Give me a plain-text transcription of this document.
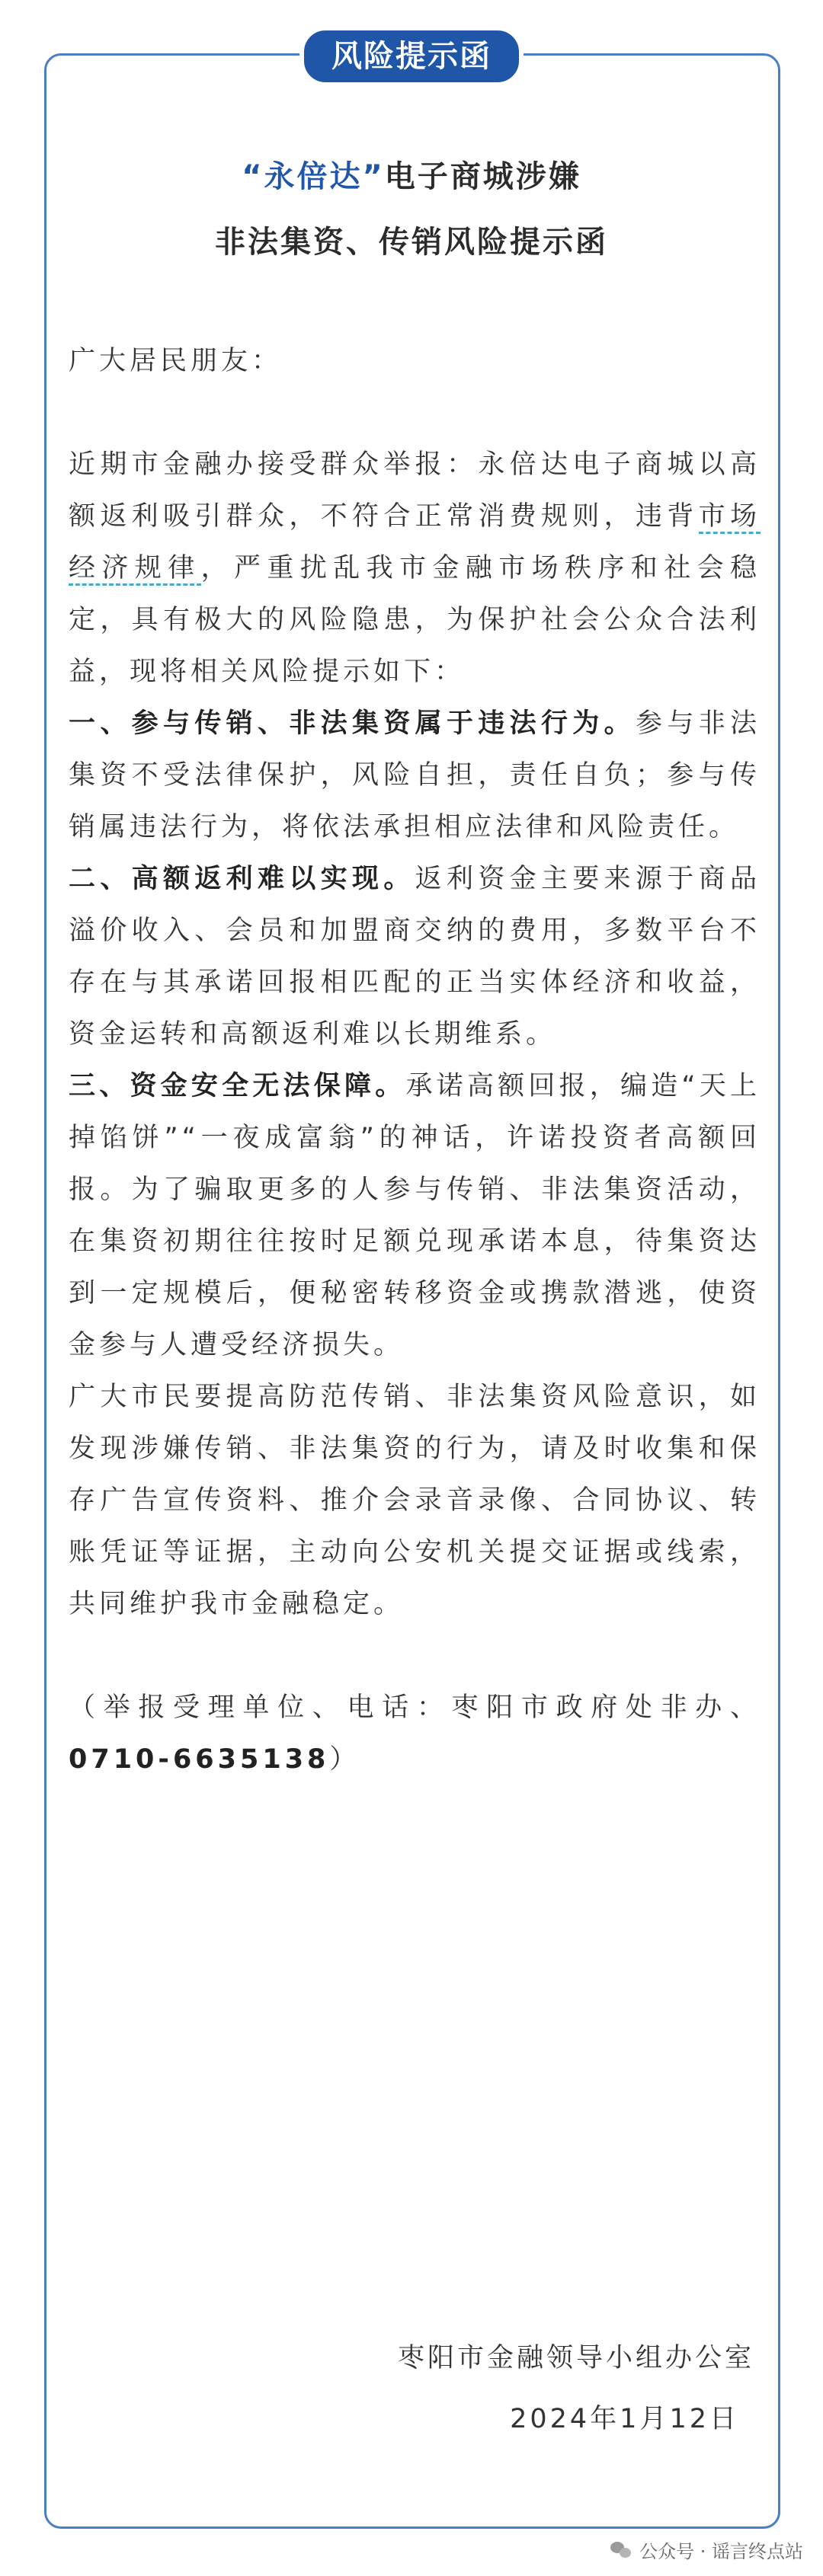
风险提示函
“永倍达”电子商城涉嫌
非法集资、传销风险提示函

广大居民朋友：

近期市金融办接受群众举报：永倍达电子商城以高额返利吸引群众，不符合正常消费规则，违背市场经济规律，严重扰乱我市金融市场秩序和社会稳定，具有极大的风险隐患，为保护社会公众合法利益，现将相关风险提示如下：

一、参与传销、非法集资属于违法行为。参与非法集资不受法律保护，风险自担，责任自负；参与传销属违法行为，将依法承担相应法律和风险责任。

二、高额返利难以实现。返利资金主要来源于商品溢价收入、会员和加盟商交纳的费用，多数平台不存在与其承诺回报相匹配的正当实体经济和收益，资金运转和高额返利难以长期维系。

三、资金安全无法保障。承诺高额回报，编造“天上掉馅饼”“一夜成富翁”的神话，许诺投资者高额回报。为了骗取更多的人参与传销、非法集资活动，在集资初期往往按时足额兑现承诺本息，待集资达到一定规模后，便秘密转移资金或携款潜逃，使资金参与人遭受经济损失。

广大市民要提高防范传销、非法集资风险意识，如发现涉嫌传销、非法集资的行为，请及时收集和保存广告宣传资料、推介会录音录像、合同协议、转账凭证等证据，主动向公安机关提交证据或线索，共同维护我市金融稳定。

（举报受理单位、电话：枣阳市政府处非办、0710-6635138）

枣阳市金融领导小组办公室
2024年1月12日
公众号 · 谣言终点站
